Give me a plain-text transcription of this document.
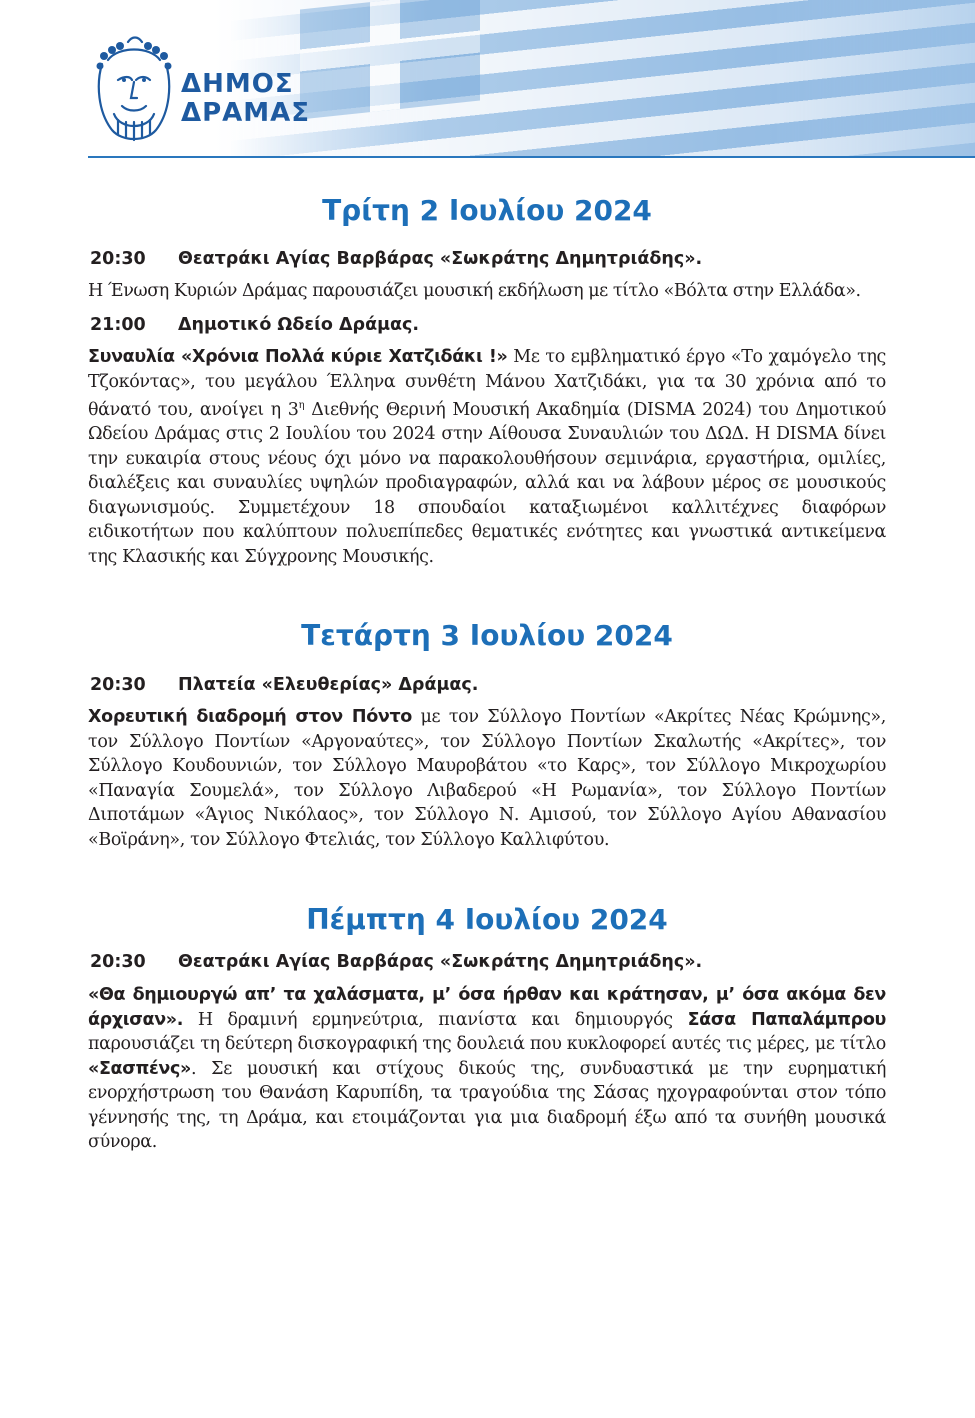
ΔΗΜΟΣ
ΔΡΑΜΑΣ
Τρίτη 2 Ιουλίου 2024
20:30 Θεατράκι Αγίας Βαρβάρας «Σωκράτης Δημητριάδης».

Η Ένωση Κυριών Δράμας παρουσιάζει μουσική εκδήλωση με τίτλο «Βόλτα στην Ελλάδα».

21:00 Δημοτικό Ωδείο Δράμας.

Συναυλία «Χρόνια Πολλά κύριε Χατζιδάκι !» Με το εμβληματικό έργο «Το χαμόγελο της Τζοκόντας», του μεγάλου Έλληνα συνθέτη Μάνου Χατζιδάκι, για τα 30 χρόνια από το θάνατό του, ανοίγει η $3^\eta$ Διεθνής Θερινή Μουσική Ακαδημία (DISMA 2024) του Δημοτικού Ωδείου Δράμας στις 2 Ιουλίου του 2024 στην Αίθουσα Συναυλιών του ΔΩΔ. Η DISMA δίνει την ευκαιρία στους νέους όχι μόνο να παρακολουθήσουν σεμινάρια, εργαστήρια, ομιλίες, διαλέξεις και συναυλίες υψηλών προδιαγραφών, αλλά και να λάβουν μέρος σε μουσικούς διαγωνισμούς. Συμμετέχουν 18 σπουδαίοι καταξιωμένοι καλλιτέχνες διαφόρων ειδικοτήτων που καλύπτουν πολυεπίπεδες θεματικές ενότητες και γνωστικά αντικείμενα της Κλασικής και Σύγχρονης Μουσικής.

Τετάρτη 3 Ιουλίου 2024
20:30 Πλατεία «Ελευθερίας» Δράμας.

Χορευτική διαδρομή στον Πόντο με τον Σύλλογο Ποντίων «Ακρίτες Νέας Κρώμνης», τον Σύλλογο Ποντίων «Αργοναύτες», τον Σύλλογο Ποντίων Σκαλωτής «Ακρίτες», τον Σύλλογο Κουδουνιών, τον Σύλλογο Μαυροβάτου «το Καρς», τον Σύλλογο Μικροχωρίου «Παναγία Σουμελά», τον Σύλλογο Λιβαδερού «Η Ρωμανία», τον Σύλλογο Ποντίων Διποτάμων «Άγιος Νικόλαος», τον Σύλλογο Ν. Αμισού, τον Σύλλογο Αγίου Αθανασίου «Βοϊράνη», τον Σύλλογο Φτελιάς, τον Σύλλογο Καλλιφύτου.

Πέμπτη 4 Ιουλίου 2024
20:30 Θεατράκι Αγίας Βαρβάρας «Σωκράτης Δημητριάδης».

«Θα δημιουργώ απ’ τα χαλάσματα, μ’ όσα ήρθαν και κράτησαν, μ’ όσα ακόμα δεν άρχισαν». Η δραμινή ερμηνεύτρια, πιανίστα και δημιουργός Σάσα Παπαλάμπρου παρουσιάζει τη δεύτερη δισκογραφική της δουλειά που κυκλοφορεί αυτές τις μέρες, με τίτλο «Σασπένς». Σε μουσική και στίχους δικούς της, συνδυαστικά με την ευρηματική ενορχήστρωση του Θανάση Καρυπίδη, τα τραγούδια της Σάσας ηχογραφούνται στον τόπο γέννησής της, τη Δράμα, και ετοιμάζονται για μια διαδρομή έξω από τα συνήθη μουσικά σύνορα.
